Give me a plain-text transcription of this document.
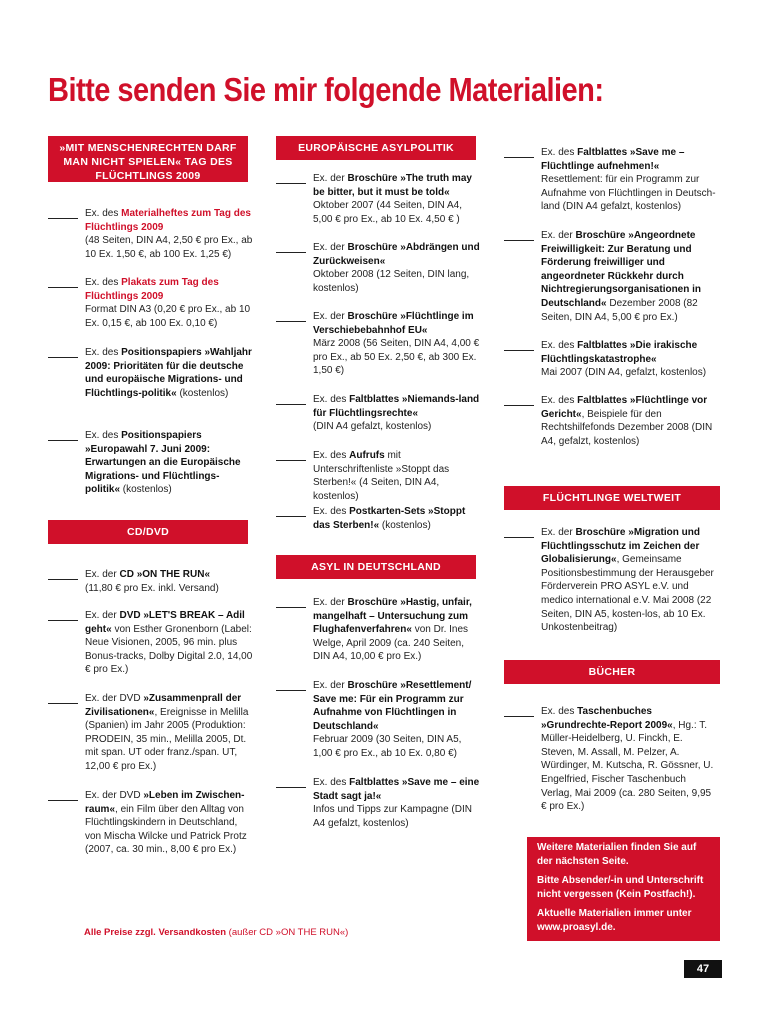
Bitte senden Sie mir folgende Materialien:
»MIT MENSCHENRECHTEN DARF MAN NICHT SPIELEN« TAG DES FLÜCHTLINGS 2009
Ex. des Materialheftes zum Tag des Flüchtlings 2009
(48 Seiten, DIN A4, 2,50 € pro Ex., ab 10 Ex. 1,50 €, ab 100 Ex. 1,25 €)
Ex. des Plakats zum Tag des Flüchtlings 2009
Format DIN A3 (0,20 € pro Ex., ab 10 Ex. 0,15 €, ab 100 Ex. 0,10 €)
Ex. des Positionspapiers »Wahljahr 2009: Prioritäten für die deutsche und europäische Migrations- und Flüchtlings-politik« (kostenlos)
Ex. des Positionspapiers »Europawahl 7. Juni 2009: Erwartungen an die Europäische Migrations- und Flüchtlings-politik« (kostenlos)
CD/DVD
Ex. der CD »ON THE RUN«
(11,80 € pro Ex. inkl. Versand)
Ex. der DVD »LET'S BREAK – Adil geht« von Esther Gronenborn (Label: Neue Visionen, 2005, 96 min. plus Bonus-tracks, Dolby Digital 2.0, 14,00 € pro Ex.)
Ex. der DVD »Zusammenprall der Zivilisationen«, Ereignisse in Melilla (Spanien) im Jahr 2005 (Produktion: PRODEIN, 35 min., Melilla 2005, Dt. mit span. UT oder franz./span. UT, 12,00 € pro Ex.)
Ex. der DVD »Leben im Zwischen-raum«, ein Film über den Alltag von Flüchtlingskindern in Deutschland, von Mischa Wilcke und Patrick Protz (2007, ca. 30 min., 8,00 € pro Ex.)
EUROPÄISCHE ASYLPOLITIK
Ex. der Broschüre »The truth may be bitter, but it must be told«
Oktober 2007 (44 Seiten, DIN A4, 5,00 € pro Ex., ab 10 Ex. 4,50 € )
Ex. der Broschüre »Abdrängen und Zurückweisen«
Oktober 2008 (12 Seiten, DIN lang, kostenlos)
Ex. der Broschüre »Flüchtlinge im Verschiebebahnhof EU«
März 2008 (56 Seiten, DIN A4, 4,00 € pro Ex., ab 50 Ex. 2,50 €, ab 300 Ex. 1,50 €)
Ex. des Faltblattes »Niemands-land für Flüchtlingsrechte«
(DIN A4 gefalzt, kostenlos)
Ex. des Aufrufs mit Unterschriftenliste »Stoppt das Sterben!« (4 Seiten, DIN A4, kostenlos)
Ex. des Postkarten-Sets »Stoppt das Sterben!« (kostenlos)
ASYL IN DEUTSCHLAND
Ex. der Broschüre »Hastig, unfair, mangelhaft – Untersuchung zum Flughafenverfahren« von Dr. Ines Welge, April 2009 (ca. 240 Seiten, DIN A4, 10,00 € pro Ex.)
Ex. der Broschüre »Resettlement/ Save me: Für ein Programm zur Aufnahme von Flüchtlingen in Deutschland«
Februar 2009 (30 Seiten, DIN A5, 1,00 € pro Ex., ab 10 Ex. 0,80 €)
Ex. des Faltblattes »Save me – eine Stadt sagt ja!«
Infos und Tipps zur Kampagne (DIN A4 gefalzt, kostenlos)
Ex. des Faltblattes »Save me – Flüchtlinge aufnehmen!«
Resettlement: für ein Programm zur Aufnahme von Flüchtlingen in Deutsch-land (DIN A4 gefalzt, kostenlos)
Ex. der Broschüre »Angeordnete Freiwilligkeit: Zur Beratung und Förderung freiwilliger und angeordneter Rückkehr durch Nichtregierungsorganisationen in Deutschland« Dezember 2008 (82 Seiten, DIN A4, 5,00 € pro Ex.)
Ex. des Faltblattes »Die irakische Flüchtlingskatastrophe«
Mai 2007 (DIN A4, gefalzt, kostenlos)
Ex. des Faltblattes »Flüchtlinge vor Gericht«, Beispiele für den Rechtshilfefonds Dezember 2008 (DIN A4, gefalzt, kostenlos)
FLÜCHTLINGE WELTWEIT
Ex. der Broschüre »Migration und Flüchtlingsschutz im Zeichen der Globalisierung«, Gemeinsame Positionsbestimmung der Herausgeber Förderverein PRO ASYL e.V. und medico international e.V. Mai 2008 (22 Seiten, DIN A5, kosten-los, ab 10 Ex. Unkostenbeitrag)
BÜCHER
Ex. des Taschenbuches »Grundrechte-Report 2009«, Hg.: T. Müller-Heidelberg, U. Finckh, E. Steven, M. Assall, M. Pelzer, A. Würdinger, M. Kutscha, R. Gössner, U. Engelfried, Fischer Taschenbuch Verlag, Mai 2009 (ca. 280 Seiten, 9,95 € pro Ex.)

Weitere Materialien finden Sie auf der nächsten Seite.

Bitte Absender/-in und Unterschrift nicht vergessen (Kein Postfach!).

Aktuelle Materialien immer unter www.proasyl.de.

Alle Preise zzgl. Versandkosten (außer CD »ON THE RUN«)
47
